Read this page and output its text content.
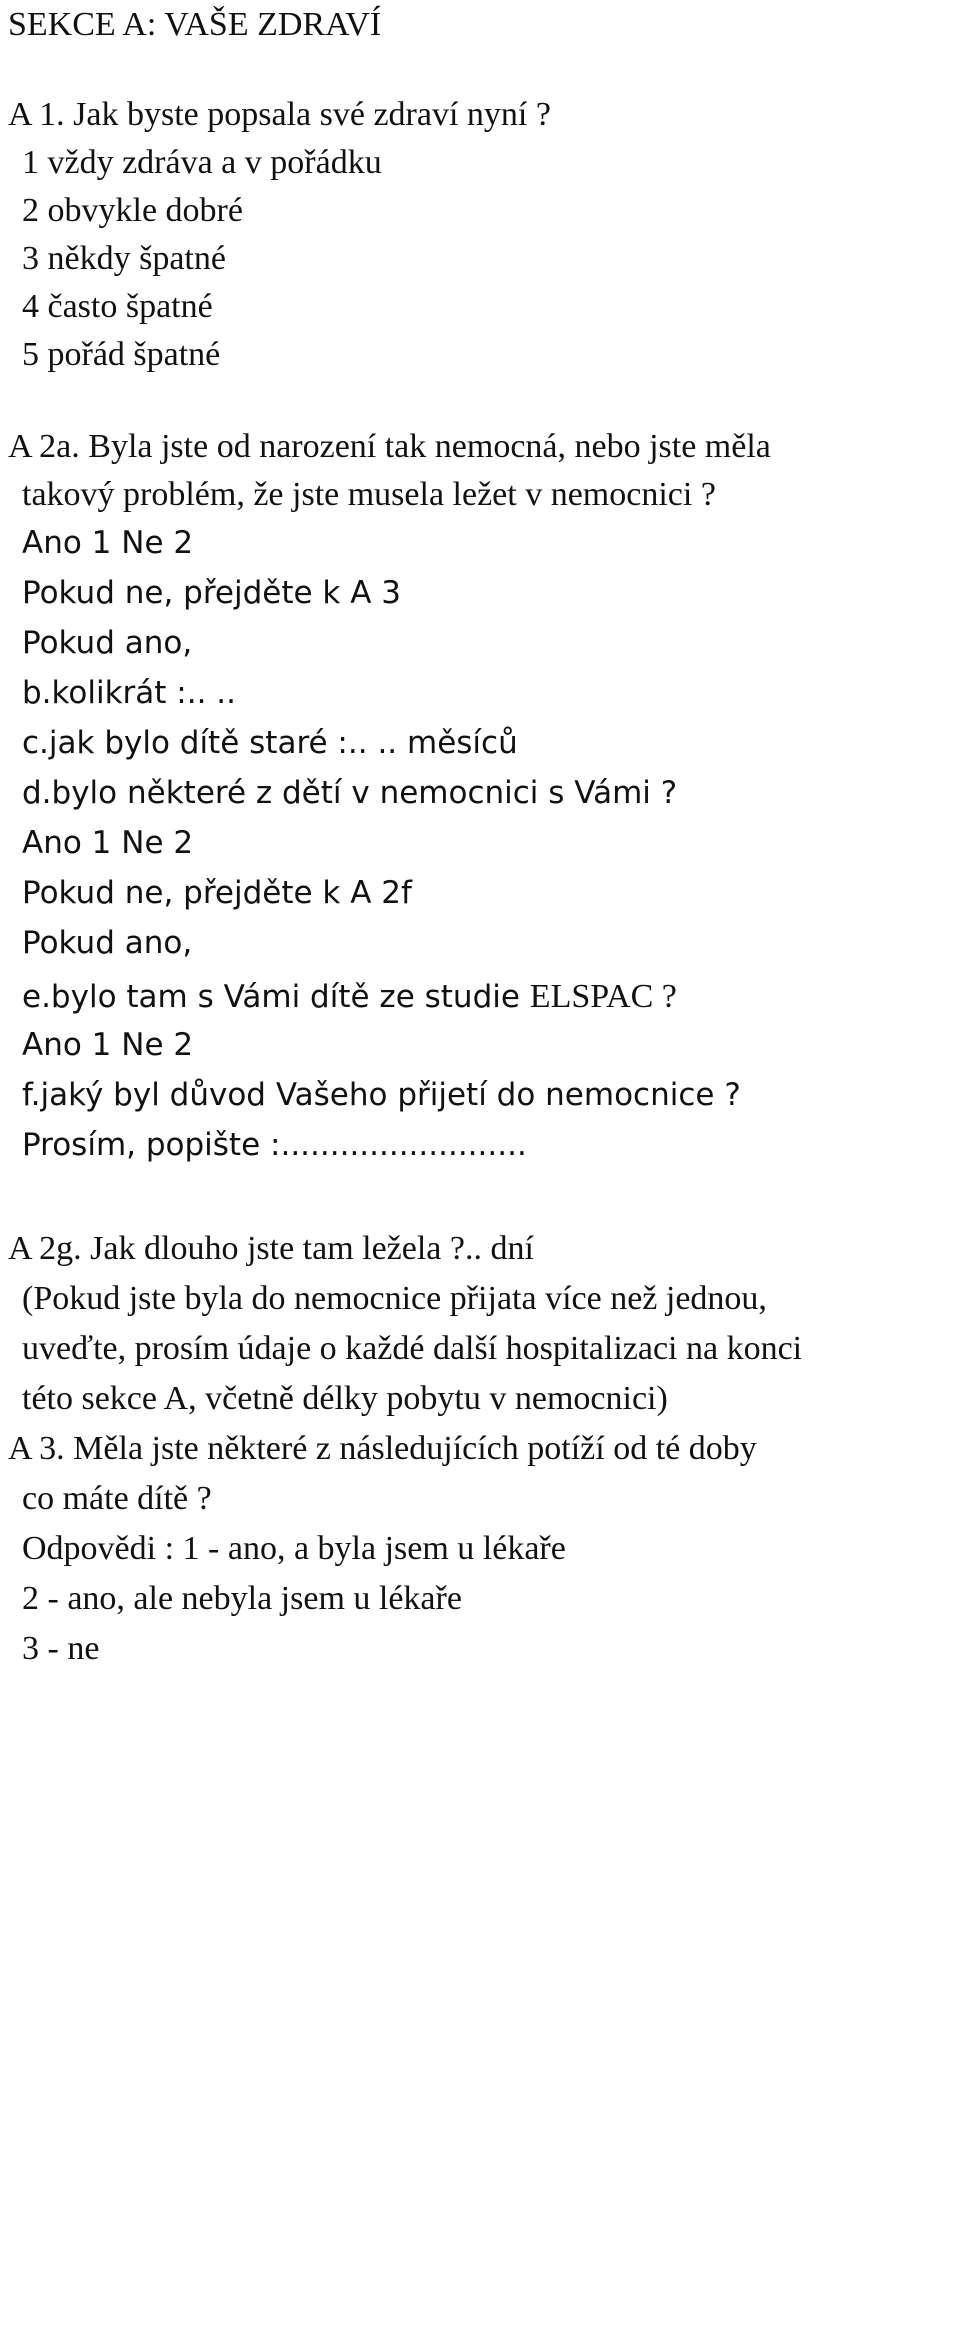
SEKCE A: VAŠE ZDRAVÍ
A 1. Jak byste popsala své zdraví nyní ?
1 vždy zdráva a v pořádku
2 obvykle dobré
3 někdy špatné
4 často špatné
5 pořád špatné
A 2a. Byla jste od narození tak nemocná, nebo jste měla
takový problém, že jste musela ležet v nemocnici ?
Ano 1 Ne 2
Pokud ne, přejděte k A 3
Pokud ano,
b.kolikrát :.. ..
c.jak bylo dítě staré :.. .. měsíců
d.bylo některé z dětí v nemocnici s Vámi ?
Ano 1 Ne 2
Pokud ne, přejděte k A 2f
Pokud ano,
e.bylo tam s Vámi dítě ze studie ELSPAC ?
Ano 1 Ne 2
f.jaký byl důvod Vašeho přijetí do nemocnice ?
Prosím, popište :.........................
A 2g. Jak dlouho jste tam ležela ?.. dní
(Pokud jste byla do nemocnice přijata více než jednou,
uveďte, prosím údaje o každé další hospitalizaci na konci
této sekce A, včetně délky pobytu v nemocnici)
A 3. Měla jste některé z následujících potíží od té doby
co máte dítě ?
Odpovědi : 1 - ano, a byla jsem u lékaře
2 - ano, ale nebyla jsem u lékaře
3 - ne
